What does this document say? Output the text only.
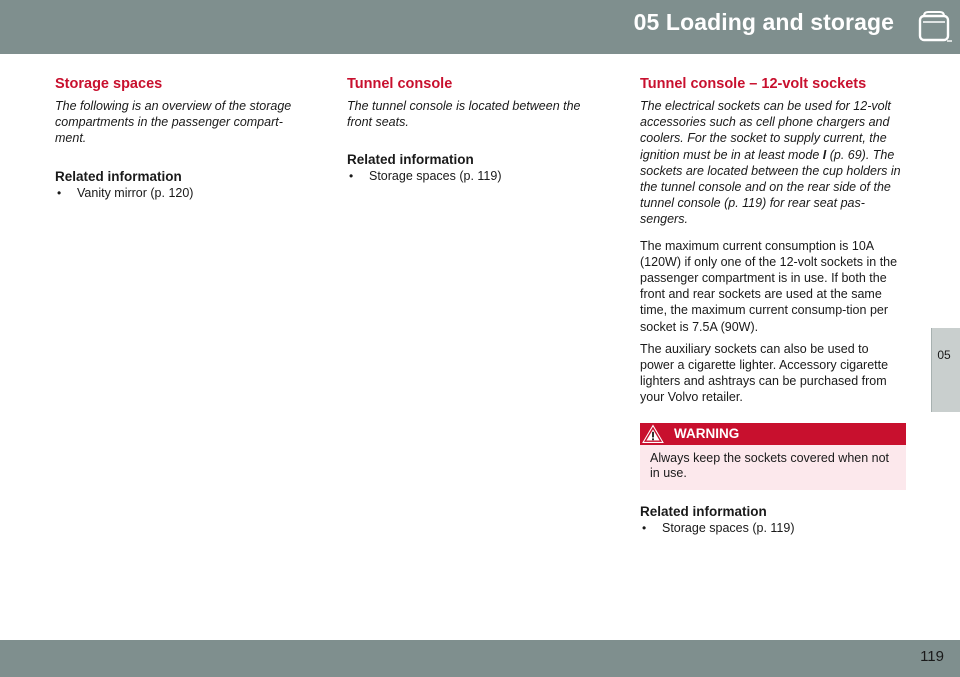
05 Loading and storage
05
Storage spaces

The following is an overview of the storage compartments in the passenger compart-ment.

Related information
• Vanity mirror (p. 120)
Tunnel console

The tunnel console is located between the front seats.

Related information
• Storage spaces (p. 119)
Tunnel console – 12-volt sockets

The electrical sockets can be used for 12-volt accessories such as cell phone chargers and coolers. For the socket to supply current, the ignition must be in at least mode I (p. 69). The sockets are located between the cup holders in the tunnel console and on the rear side of the tunnel console (p. 119) for rear seat pas-sengers.

The maximum current consumption is 10A (120W) if only one of the 12-volt sockets in the passenger compartment is in use. If both the front and rear sockets are used at the same time, the maximum current consump-tion per socket is 7.5A (90W).

The auxiliary sockets can also be used to power a cigarette lighter. Accessory cigarette lighters and ashtrays can be purchased from your Volvo retailer.

WARNING
Always keep the sockets covered when not in use.
Related information
• Storage spaces (p. 119)
119
